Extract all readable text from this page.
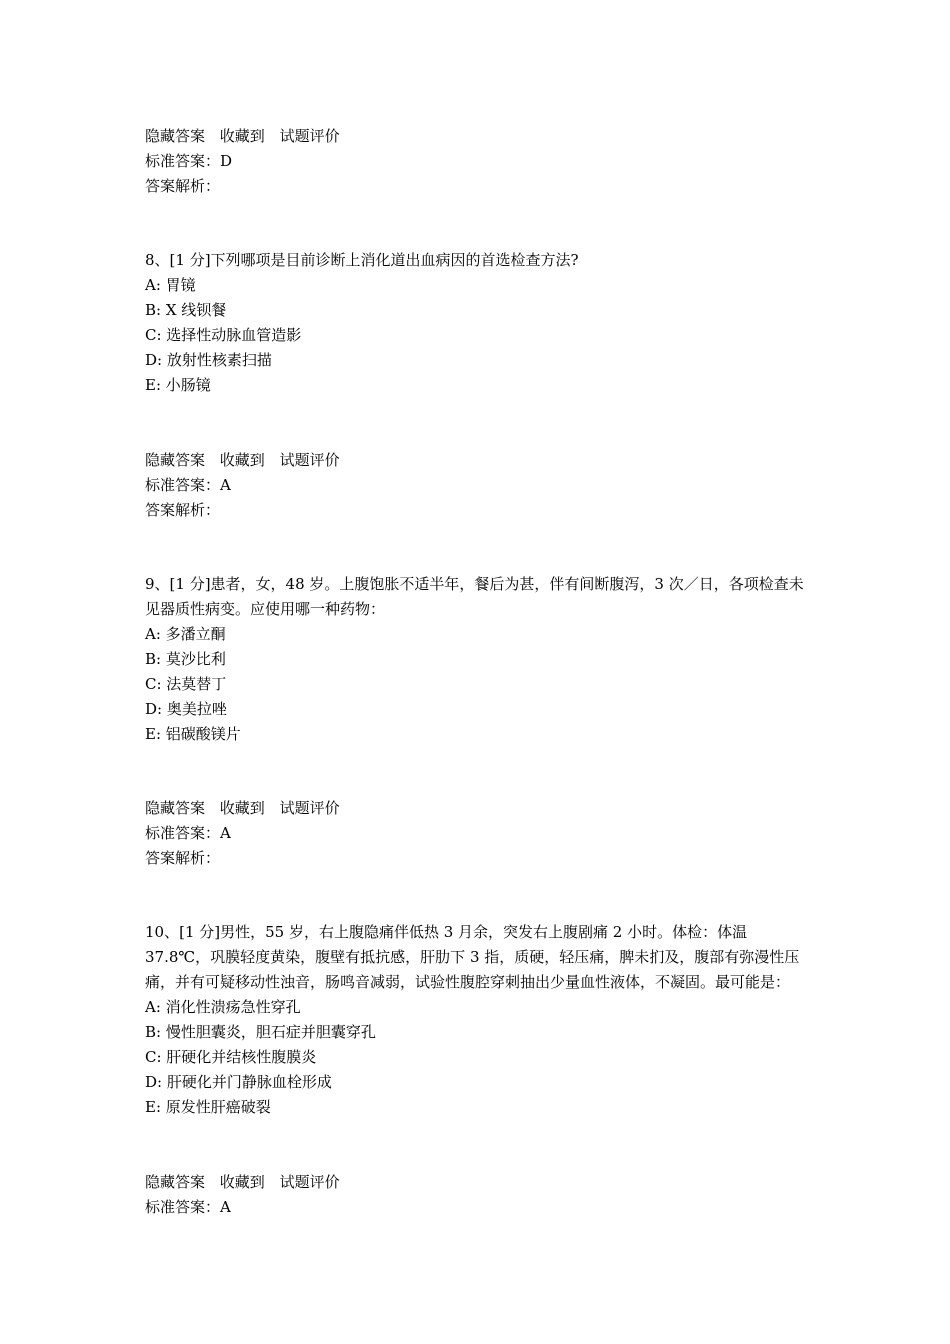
隐藏答案 收藏到 试题评价
标准答案：D
答案解析：
8、[1 分]下列哪项是目前诊断上消化道出血病因的首选检查方法?
A: 胃镜
B: X 线钡餐
C: 选择性动脉血管造影
D: 放射性核素扫描
E: 小肠镜
隐藏答案 收藏到 试题评价
标准答案：A
答案解析：
9、[1 分]患者，女，48 岁。上腹饱胀不适半年，餐后为甚，伴有间断腹泻，3 次／日，各项检查未见器质性病变。应使用哪一种药物：
A: 多潘立酮
B: 莫沙比利
C: 法莫替丁
D: 奥美拉唑
E: 铝碳酸镁片
隐藏答案 收藏到 试题评价
标准答案：A
答案解析：
10、[1 分]男性，55 岁，右上腹隐痛伴低热 3 月余，突发右上腹剧痛 2 小时。体检：体温 37.8℃，巩膜轻度黄染，腹壁有抵抗感，肝肋下 3 指，质硬，轻压痛，脾未扪及，腹部有弥漫性压痛，并有可疑移动性浊音，肠鸣音减弱，试验性腹腔穿刺抽出少量血性液体，不凝固。最可能是：
A: 消化性溃疡急性穿孔
B: 慢性胆囊炎，胆石症并胆囊穿孔
C: 肝硬化并结核性腹膜炎
D: 肝硬化并门静脉血栓形成
E: 原发性肝癌破裂
隐藏答案 收藏到 试题评价
标准答案：A
